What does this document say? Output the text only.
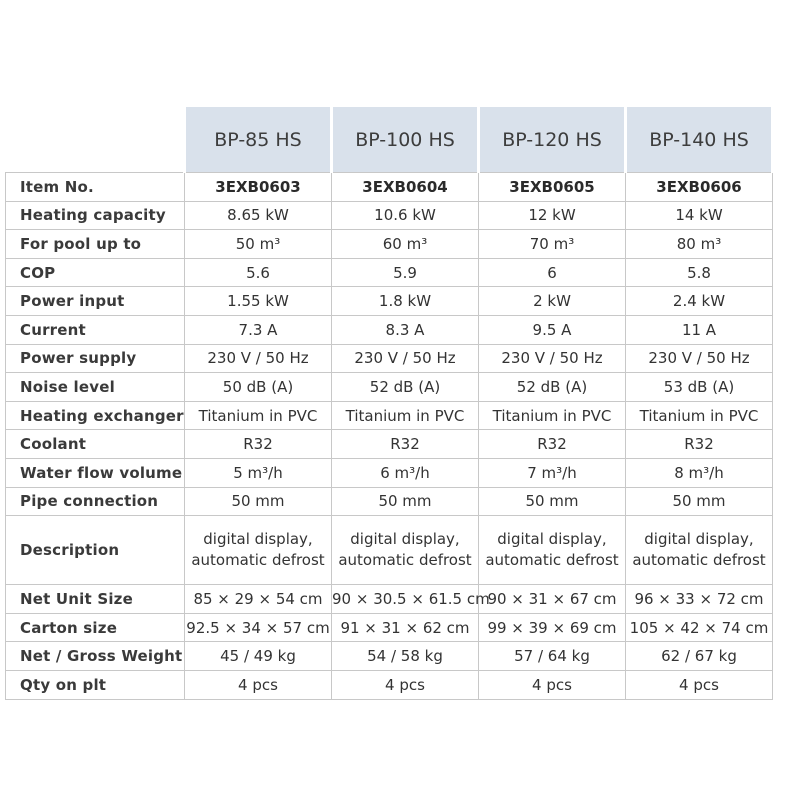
	BP-85 HS	BP-100 HS	BP-120 HS	BP-140 HS
Item No.	3EXB0603	3EXB0604	3EXB0605	3EXB0606
Heating capacity	8.65 kW	10.6 kW	12 kW	14 kW
For pool up to	50 m³	60 m³	70 m³	80 m³
COP	5.6	5.9	6	5.8
Power input	1.55 kW	1.8 kW	2 kW	2.4 kW
Current	7.3 A	8.3 A	9.5 A	11 A
Power supply	230 V / 50 Hz	230 V / 50 Hz	230 V / 50 Hz	230 V / 50 Hz
Noise level	50 dB (A)	52 dB (A)	52 dB (A)	53 dB (A)
Heating exchanger	Titanium in PVC	Titanium in PVC	Titanium in PVC	Titanium in PVC
Coolant	R32	R32	R32	R32
Water flow volume	5 m³/h	6 m³/h	7 m³/h	8 m³/h
Pipe connection	50 mm	50 mm	50 mm	50 mm
Description	digital display, automatic defrost	digital display, automatic defrost	digital display, automatic defrost	digital display, automatic defrost
Net Unit Size	85 × 29 × 54 cm	90 × 30.5 × 61.5 cm	90 × 31 × 67 cm	96 × 33 × 72 cm
Carton size	92.5 × 34 × 57 cm	91 × 31 × 62 cm	99 × 39 × 69 cm	105 × 42 × 74 cm
Net / Gross Weight	45 / 49 kg	54 / 58 kg	57 / 64 kg	62 / 67 kg
Qty on plt	4 pcs	4 pcs	4 pcs	4 pcs
